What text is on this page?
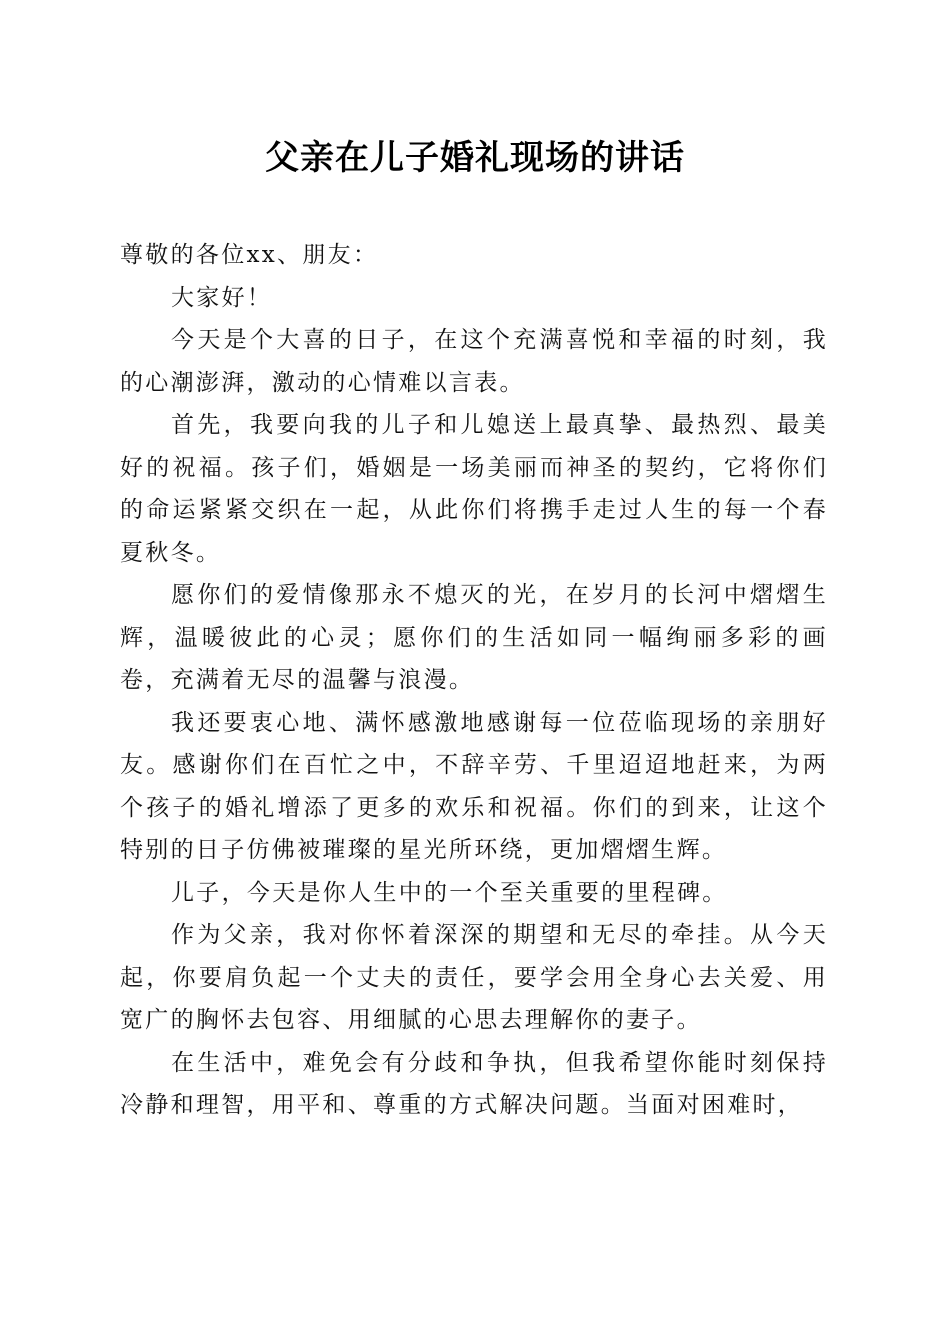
父亲在儿子婚礼现场的讲话

尊敬的各位xx、朋友：

大家好！

今天是个大喜的日子，在这个充满喜悦和幸福的时刻，我的心潮澎湃，激动的心情难以言表。

首先，我要向我的儿子和儿媳送上最真挚、最热烈、最美好的祝福。孩子们，婚姻是一场美丽而神圣的契约，它将你们的命运紧紧交织在一起，从此你们将携手走过人生的每一个春夏秋冬。

愿你们的爱情像那永不熄灭的光，在岁月的长河中熠熠生辉，温暖彼此的心灵；愿你们的生活如同一幅绚丽多彩的画卷，充满着无尽的温馨与浪漫。

我还要衷心地、满怀感激地感谢每一位莅临现场的亲朋好友。感谢你们在百忙之中，不辞辛劳、千里迢迢地赶来，为两个孩子的婚礼增添了更多的欢乐和祝福。你们的到来，让这个特别的日子仿佛被璀璨的星光所环绕，更加熠熠生辉。

儿子，今天是你人生中的一个至关重要的里程碑。

作为父亲，我对你怀着深深的期望和无尽的牵挂。从今天起，你要肩负起一个丈夫的责任，要学会用全身心去关爱、用宽广的胸怀去包容、用细腻的心思去理解你的妻子。

在生活中，难免会有分歧和争执，但我希望你能时刻保持冷静和理智，用平和、尊重的方式解决问题。当面对困难时，
